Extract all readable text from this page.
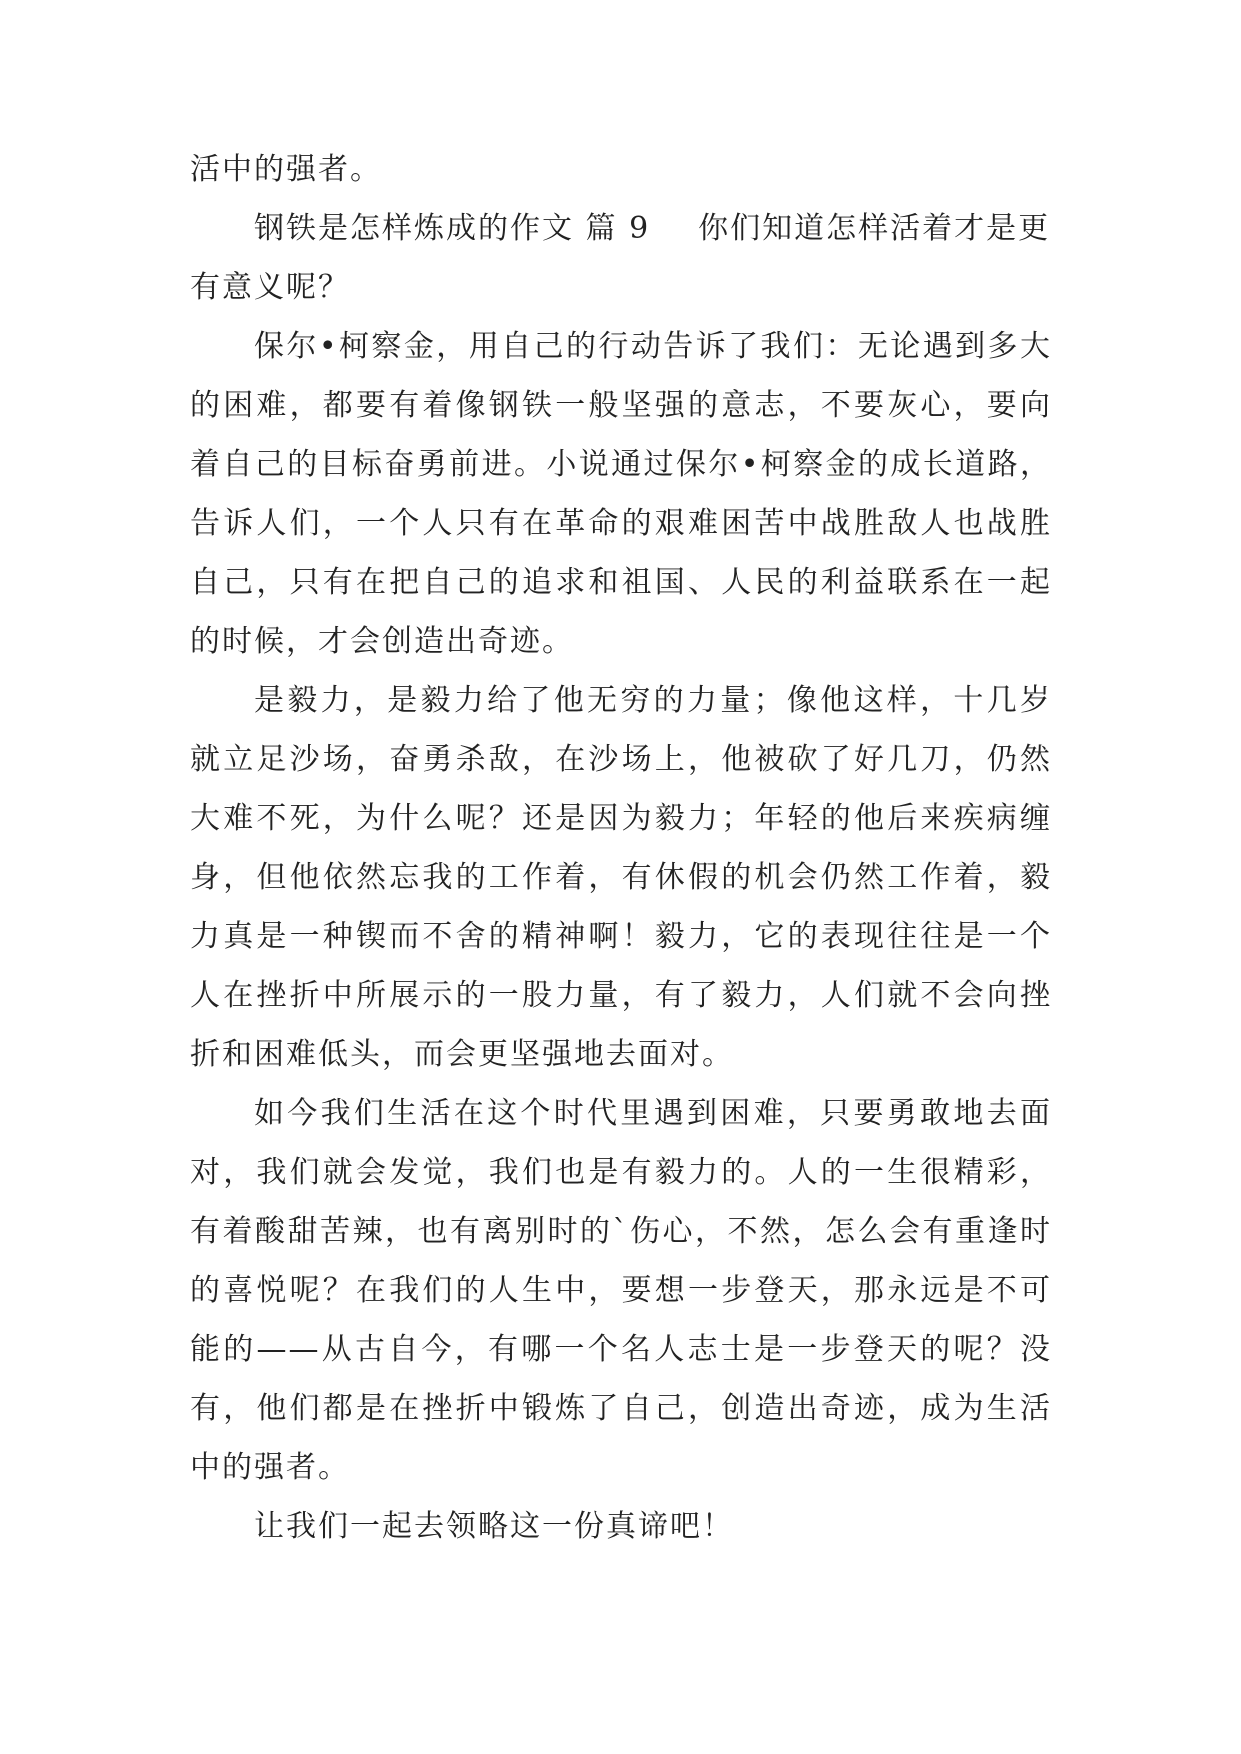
活中的强者。

钢铁是怎样炼成的作文 篇 9 你们知道怎样活着才是更有意义呢？

保尔•柯察金，用自己的行动告诉了我们：无论遇到多大的困难，都要有着像钢铁一般坚强的意志，不要灰心，要向着自己的目标奋勇前进。小说通过保尔•柯察金的成长道路，告诉人们，一个人只有在革命的艰难困苦中战胜敌人也战胜自己，只有在把自己的追求和祖国、人民的利益联系在一起的时候，才会创造出奇迹。

是毅力，是毅力给了他无穷的力量；像他这样，十几岁就立足沙场，奋勇杀敌，在沙场上，他被砍了好几刀，仍然大难不死，为什么呢？还是因为毅力；年轻的他后来疾病缠身，但他依然忘我的工作着，有休假的机会仍然工作着，毅力真是一种锲而不舍的精神啊！毅力，它的表现往往是一个人在挫折中所展示的一股力量，有了毅力，人们就不会向挫折和困难低头，而会更坚强地去面对。

如今我们生活在这个时代里遇到困难，只要勇敢地去面对，我们就会发觉，我们也是有毅力的。人的一生很精彩，有着酸甜苦辣，也有离别时的`伤心，不然，怎么会有重逢时的喜悦呢？在我们的人生中，要想一步登天，那永远是不可能的——从古自今，有哪一个名人志士是一步登天的呢？没有，他们都是在挫折中锻炼了自己，创造出奇迹，成为生活中的强者。

让我们一起去领略这一份真谛吧！
